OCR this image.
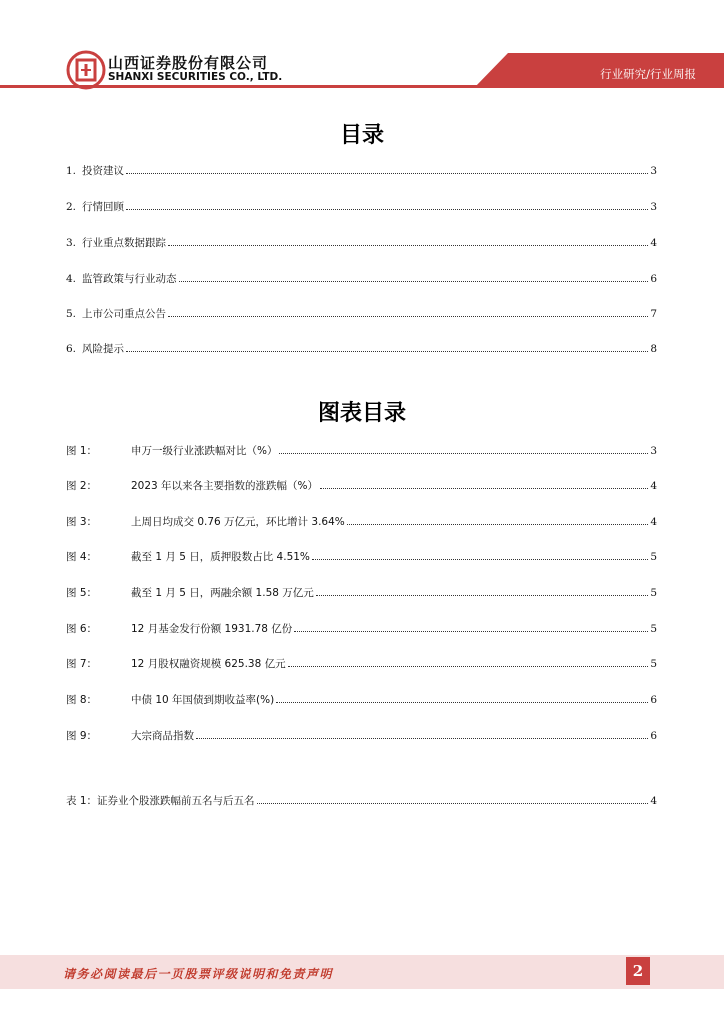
山西证券股份有限公司
SHANXI SECURITIES CO., LTD.	行业研究/行业周报
目录
1. 投资建议	3
2. 行情回顾	3
3. 行业重点数据跟踪	4
4. 监管政策与行业动态	6
5. 上市公司重点公告	7
6. 风险提示	8
图表目录
图 1：	申万一级行业涨跌幅对比（%）	3
图 2：	2023 年以来各主要指数的涨跌幅（%）	4
图 3：	上周日均成交 0.76 万亿元，环比增计 3.64%	4
图 4：	截至 1 月 5 日，质押股数占比 4.51%	5
图 5：	截至 1 月 5 日，两融余额 1.58 万亿元	5
图 6：	12 月基金发行份额 1931.78 亿份	5
图 7：	12 月股权融资规模 625.38 亿元	5
图 8：	中债 10 年国债到期收益率(%)	6
图 9：	大宗商品指数	6
表 1：证券业个股涨跌幅前五名与后五名	4
请务必阅读最后一页股票评级说明和免责声明	2
